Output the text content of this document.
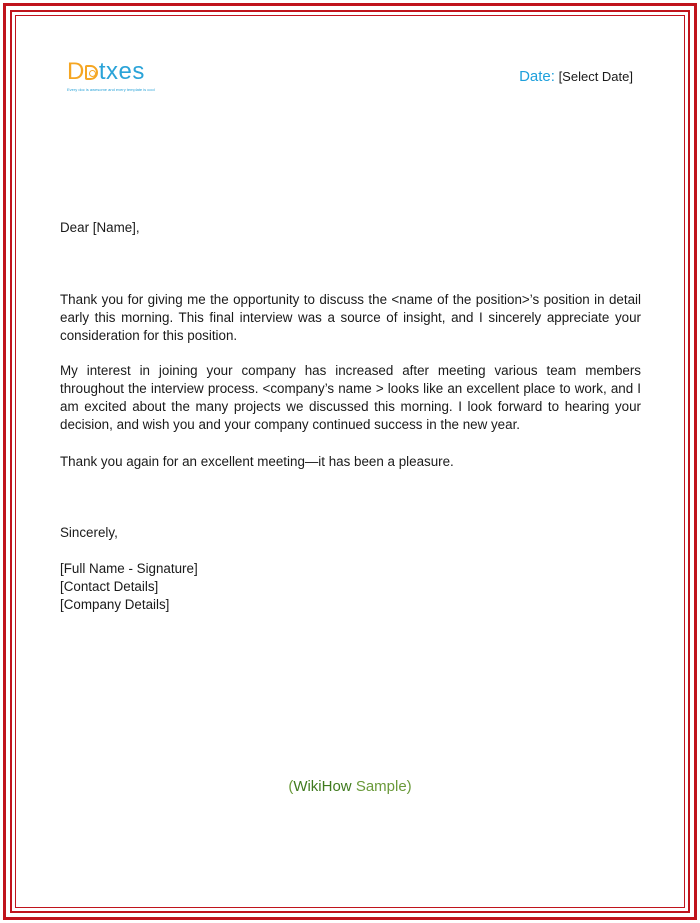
D txes
Every doc is awesome and every template is cool
Date: [Select Date]
Dear [Name],
Thank you for giving me the opportunity to discuss the <name of the position>’s position in detail early this morning. This final interview was a source of insight, and I sincerely appreciate your consideration for this position.
My interest in joining your company has increased after meeting various team members throughout the interview process. <company’s name > looks like an excellent place to work, and I am excited about the many projects we discussed this morning. I look forward to hearing your decision, and wish you and your company continued success in the new year.
Thank you again for an excellent meeting—it has been a pleasure.
Sincerely,
[Full Name - Signature]
[Contact Details]
[Company Details]
(WikiHow Sample)
